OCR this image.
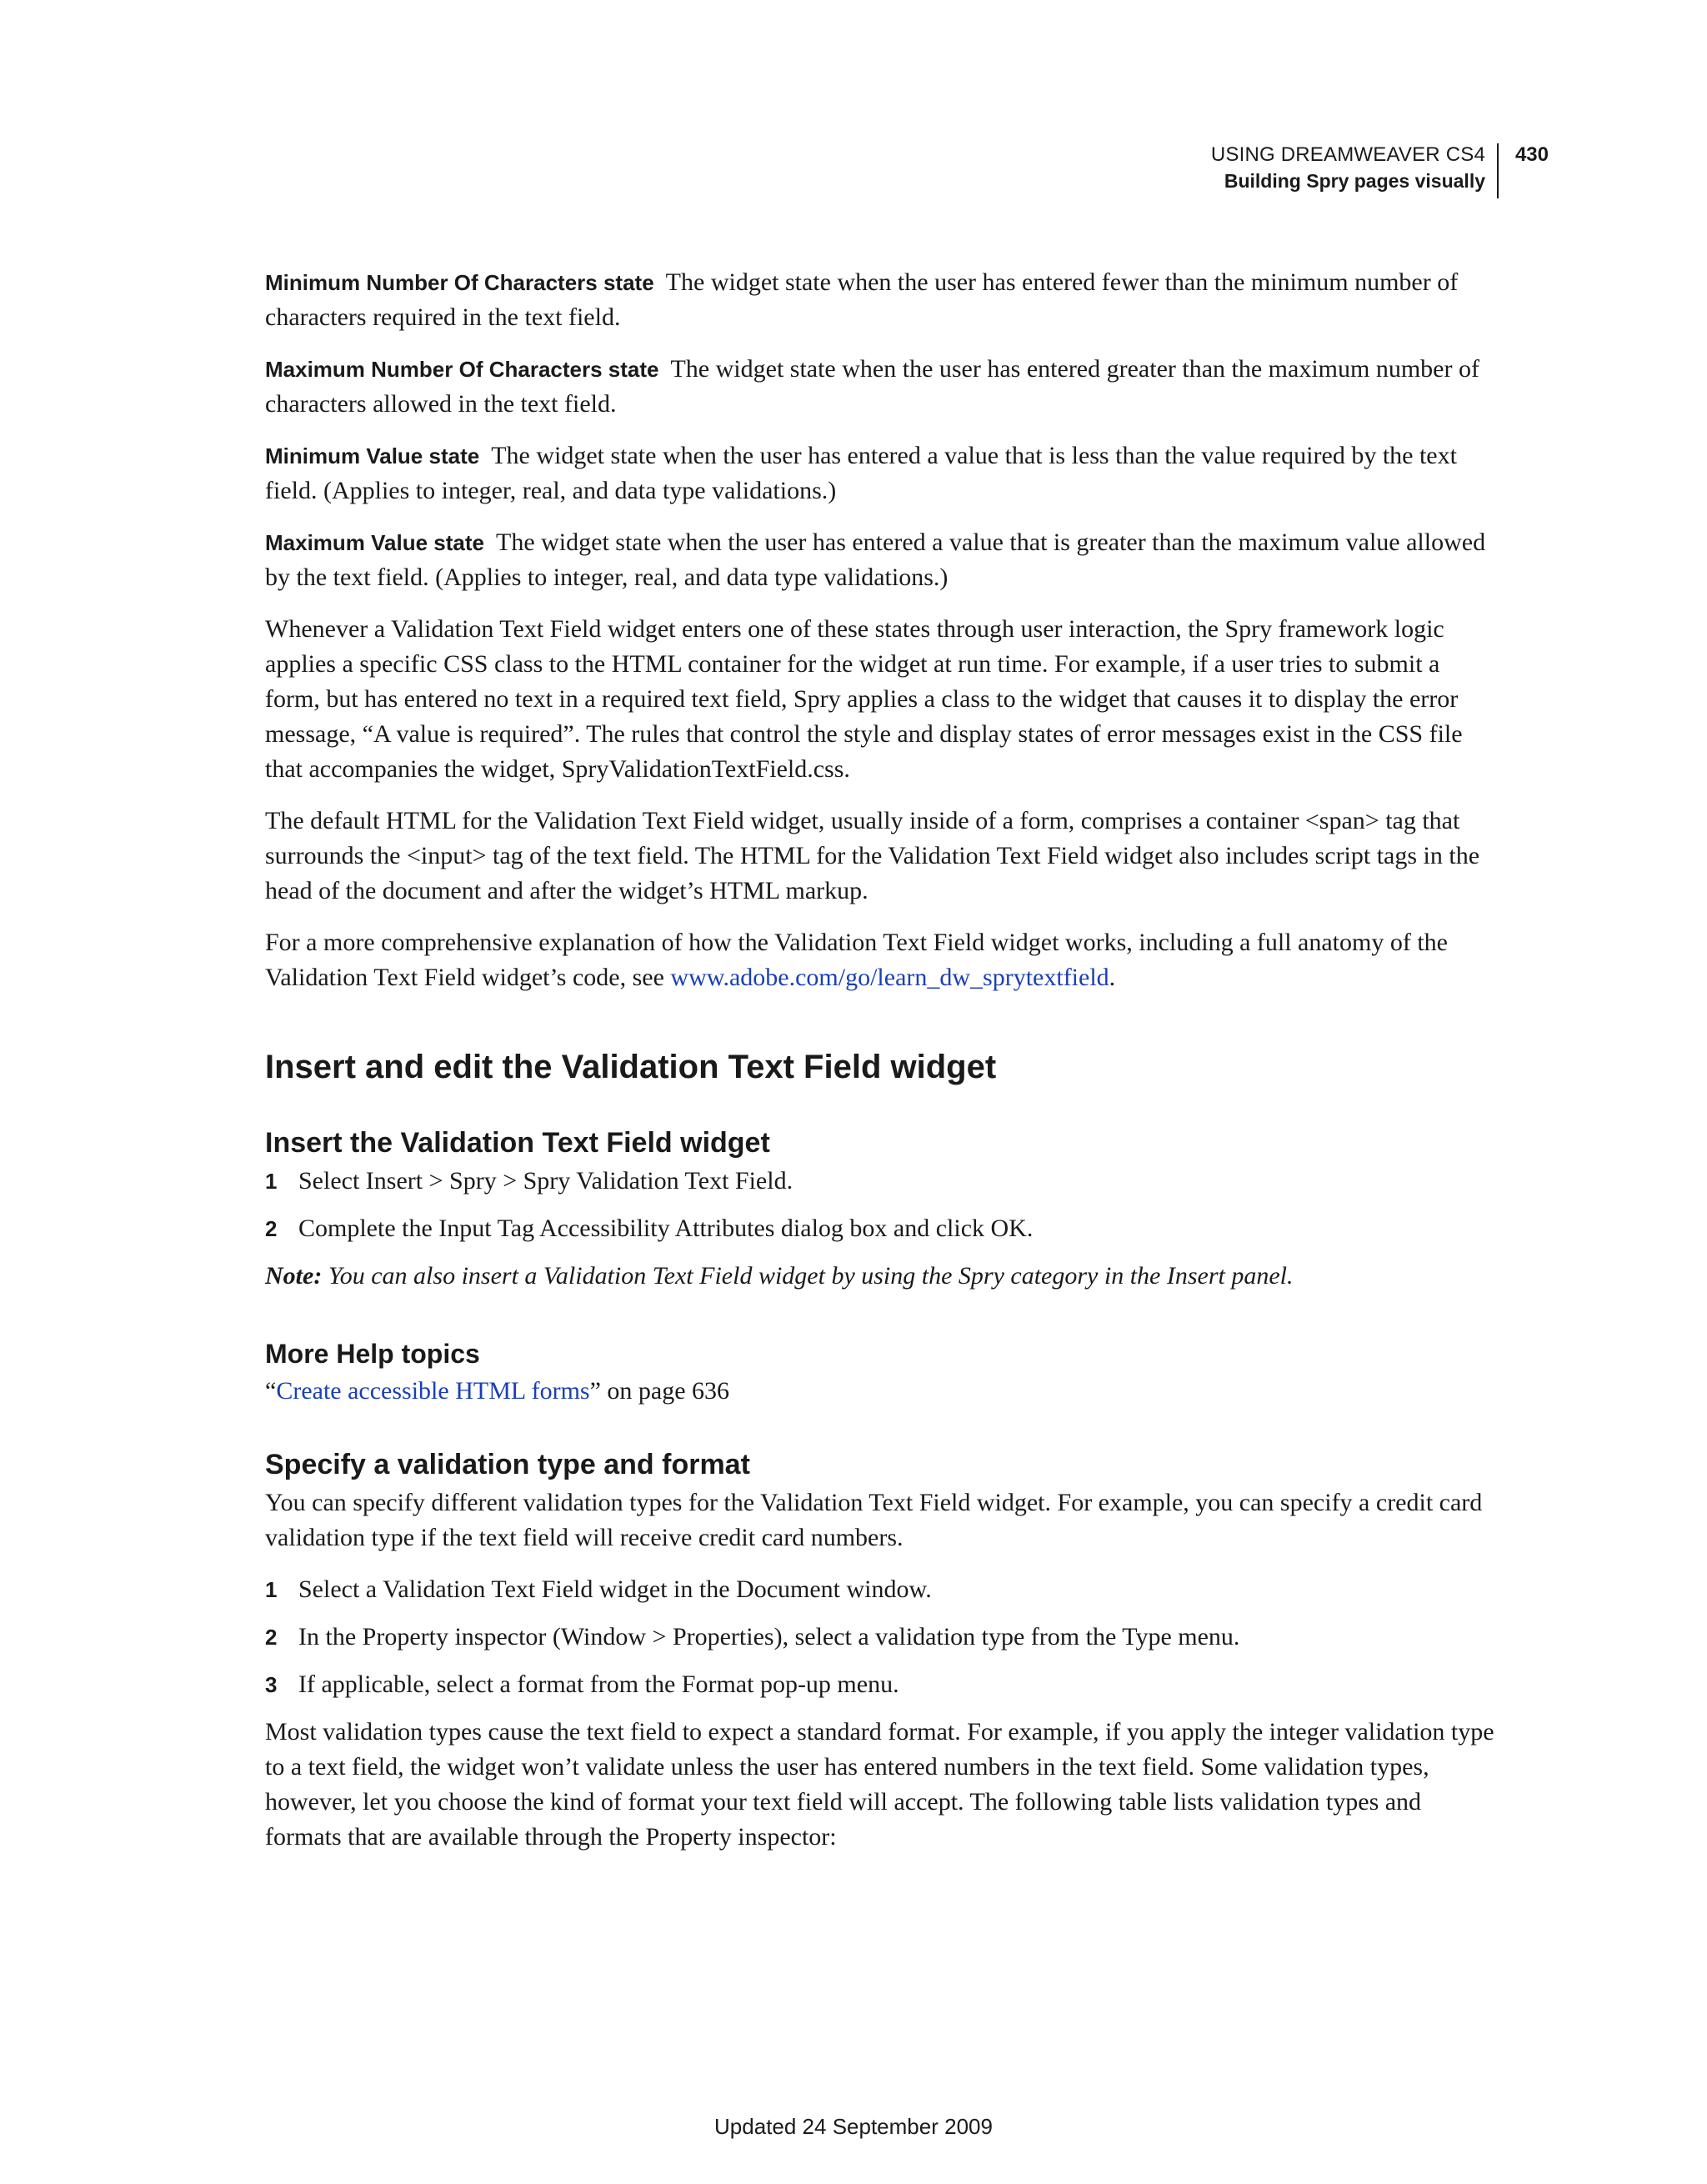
USING DREAMWEAVER CS4
Building Spry pages visually
430

Minimum Number Of Characters state The widget state when the user has entered fewer than the minimum number of characters required in the text field.

Maximum Number Of Characters state The widget state when the user has entered greater than the maximum number of characters allowed in the text field.

Minimum Value state The widget state when the user has entered a value that is less than the value required by the text field. (Applies to integer, real, and data type validations.)

Maximum Value state The widget state when the user has entered a value that is greater than the maximum value allowed by the text field. (Applies to integer, real, and data type validations.)

Whenever a Validation Text Field widget enters one of these states through user interaction, the Spry framework logic applies a specific CSS class to the HTML container for the widget at run time. For example, if a user tries to submit a form, but has entered no text in a required text field, Spry applies a class to the widget that causes it to display the error message, “A value is required”. The rules that control the style and display states of error messages exist in the CSS file that accompanies the widget, SpryValidationTextField.css.

The default HTML for the Validation Text Field widget, usually inside of a form, comprises a container <span> tag that surrounds the <input> tag of the text field. The HTML for the Validation Text Field widget also includes script tags in the head of the document and after the widget’s HTML markup.

For a more comprehensive explanation of how the Validation Text Field widget works, including a full anatomy of the Validation Text Field widget’s code, see www.adobe.com/go/learn_dw_sprytextfield.

Insert and edit the Validation Text Field widget
Insert the Validation Text Field widget
1 Select Insert > Spry > Spry Validation Text Field.
2 Complete the Input Tag Accessibility Attributes dialog box and click OK.

Note: You can also insert a Validation Text Field widget by using the Spry category in the Insert panel.

More Help topics

“Create accessible HTML forms” on page 636

Specify a validation type and format

You can specify different validation types for the Validation Text Field widget. For example, you can specify a credit card validation type if the text field will receive credit card numbers.

1 Select a Validation Text Field widget in the Document window.
2 In the Property inspector (Window > Properties), select a validation type from the Type menu.
3 If applicable, select a format from the Format pop-up menu.

Most validation types cause the text field to expect a standard format. For example, if you apply the integer validation type to a text field, the widget won’t validate unless the user has entered numbers in the text field. Some validation types, however, let you choose the kind of format your text field will accept. The following table lists validation types and formats that are available through the Property inspector:

Updated 24 September 2009
